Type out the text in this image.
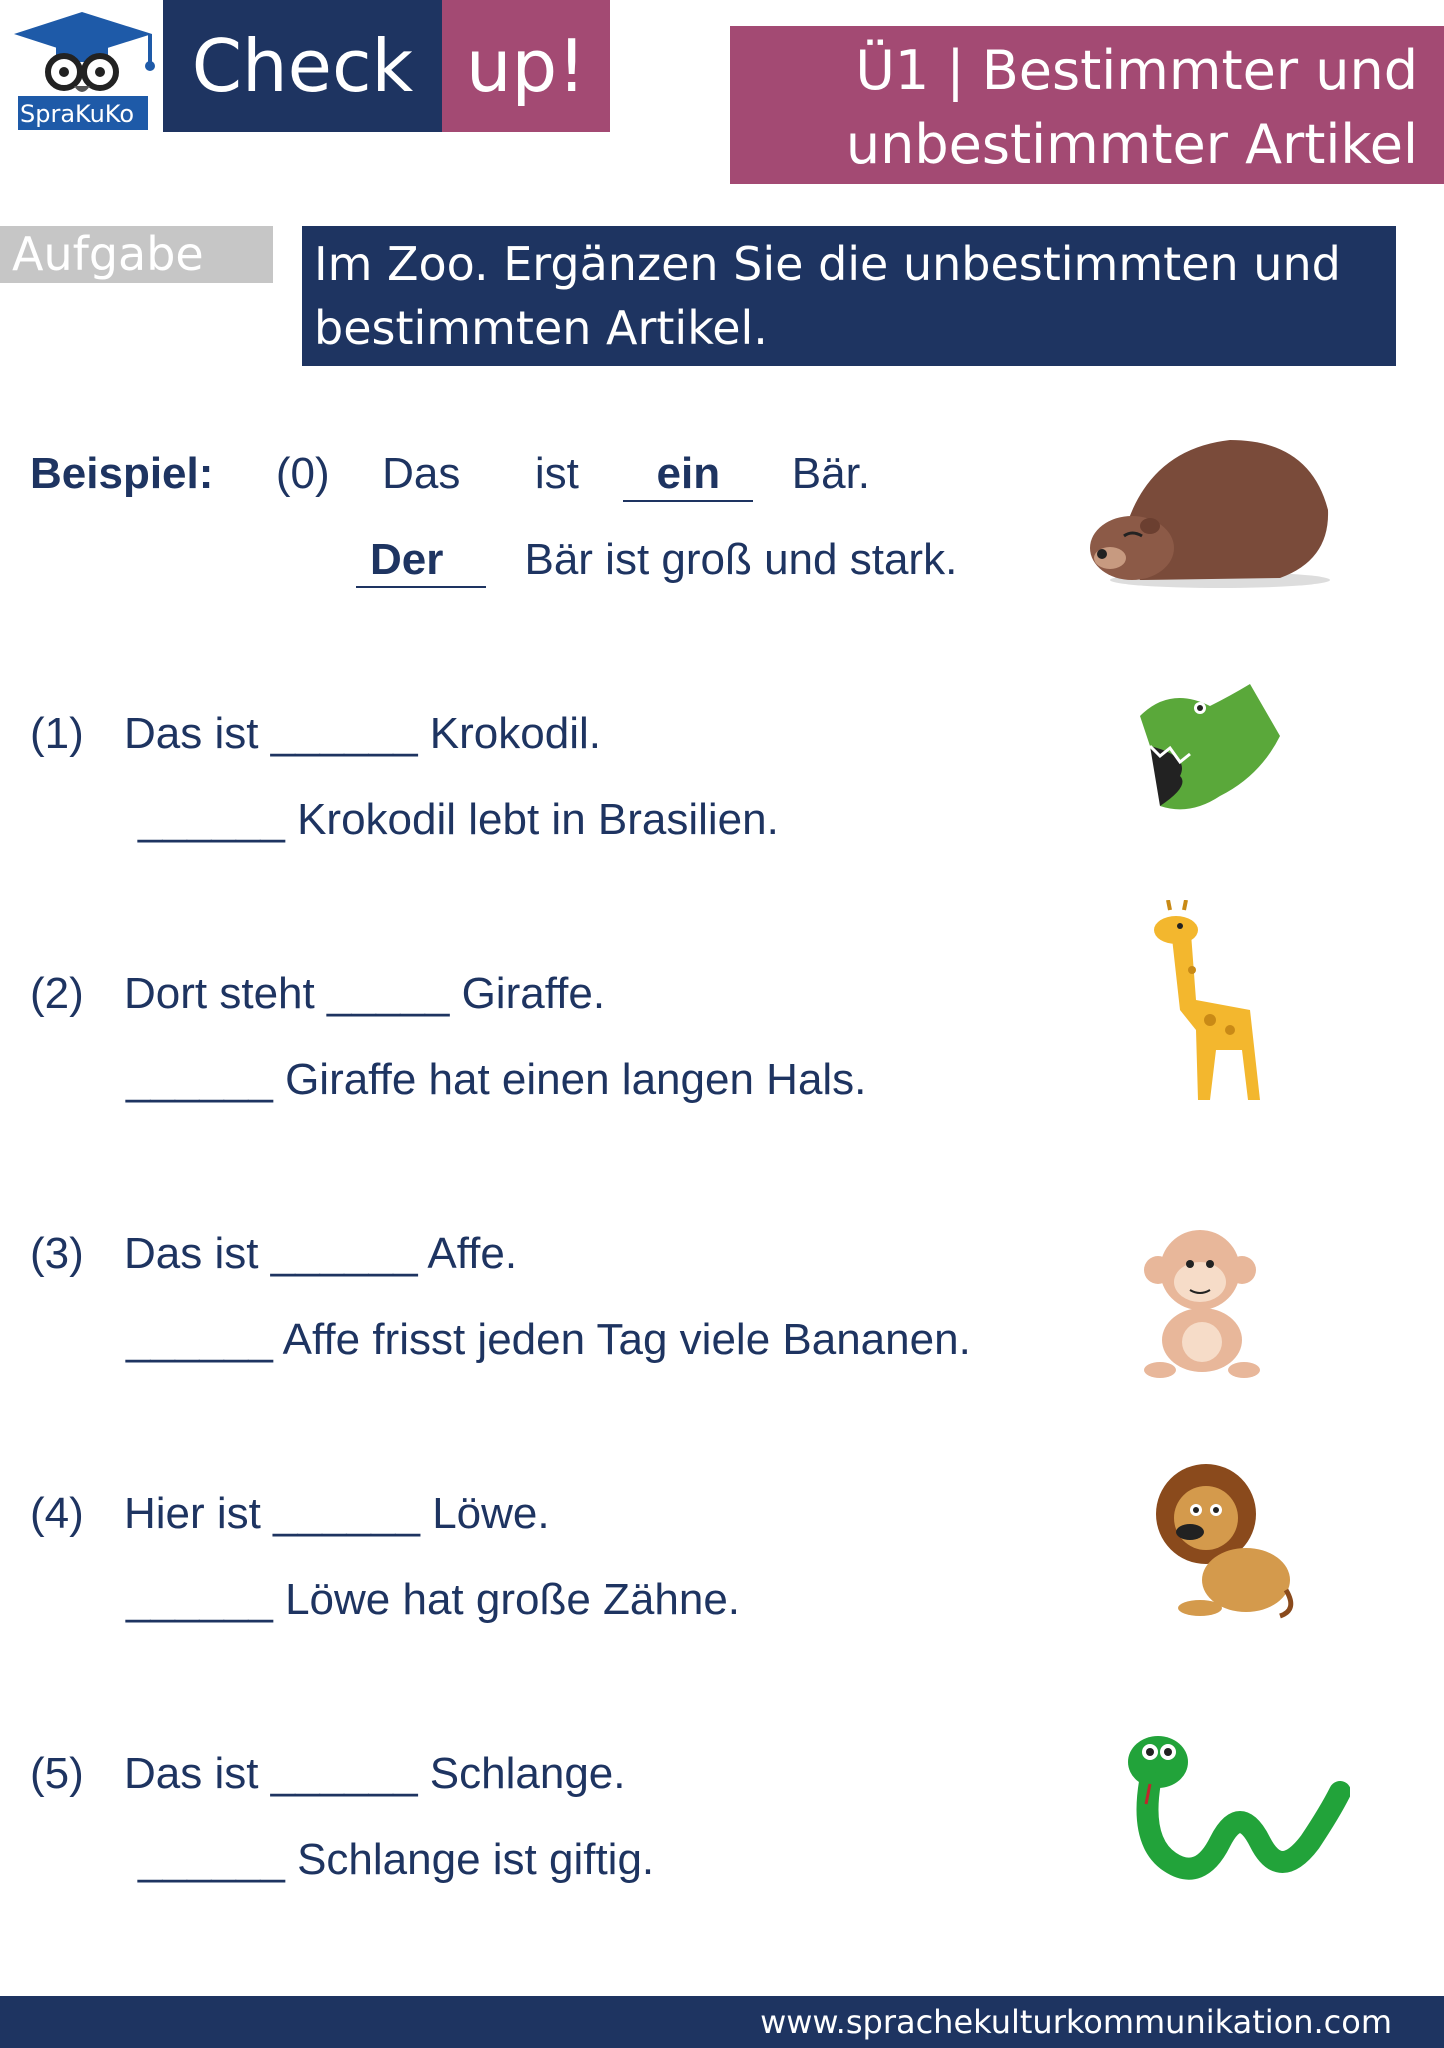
SpraKuKo
Check up!	Ü1 | Bestimmter und
unbestimmter Artikel
Aufgabe	Im Zoo. Ergänzen Sie die unbestimmten und
bestimmten Artikel.
Beispiel: (0) Das ist ein Bär.
Der Bär ist groß und stark.
(1) Das ist ______ Krokodil.
______ Krokodil lebt in Brasilien.
(2) Dort steht _____ Giraffe.
______ Giraffe hat einen langen Hals.
(3) Das ist ______ Affe.
______ Affe frisst jeden Tag viele Bananen.
(4) Hier ist ______ Löwe.
______ Löwe hat große Zähne.
(5) Das ist ______ Schlange.
______ Schlange ist giftig.
www.sprachekulturkommunikation.com
